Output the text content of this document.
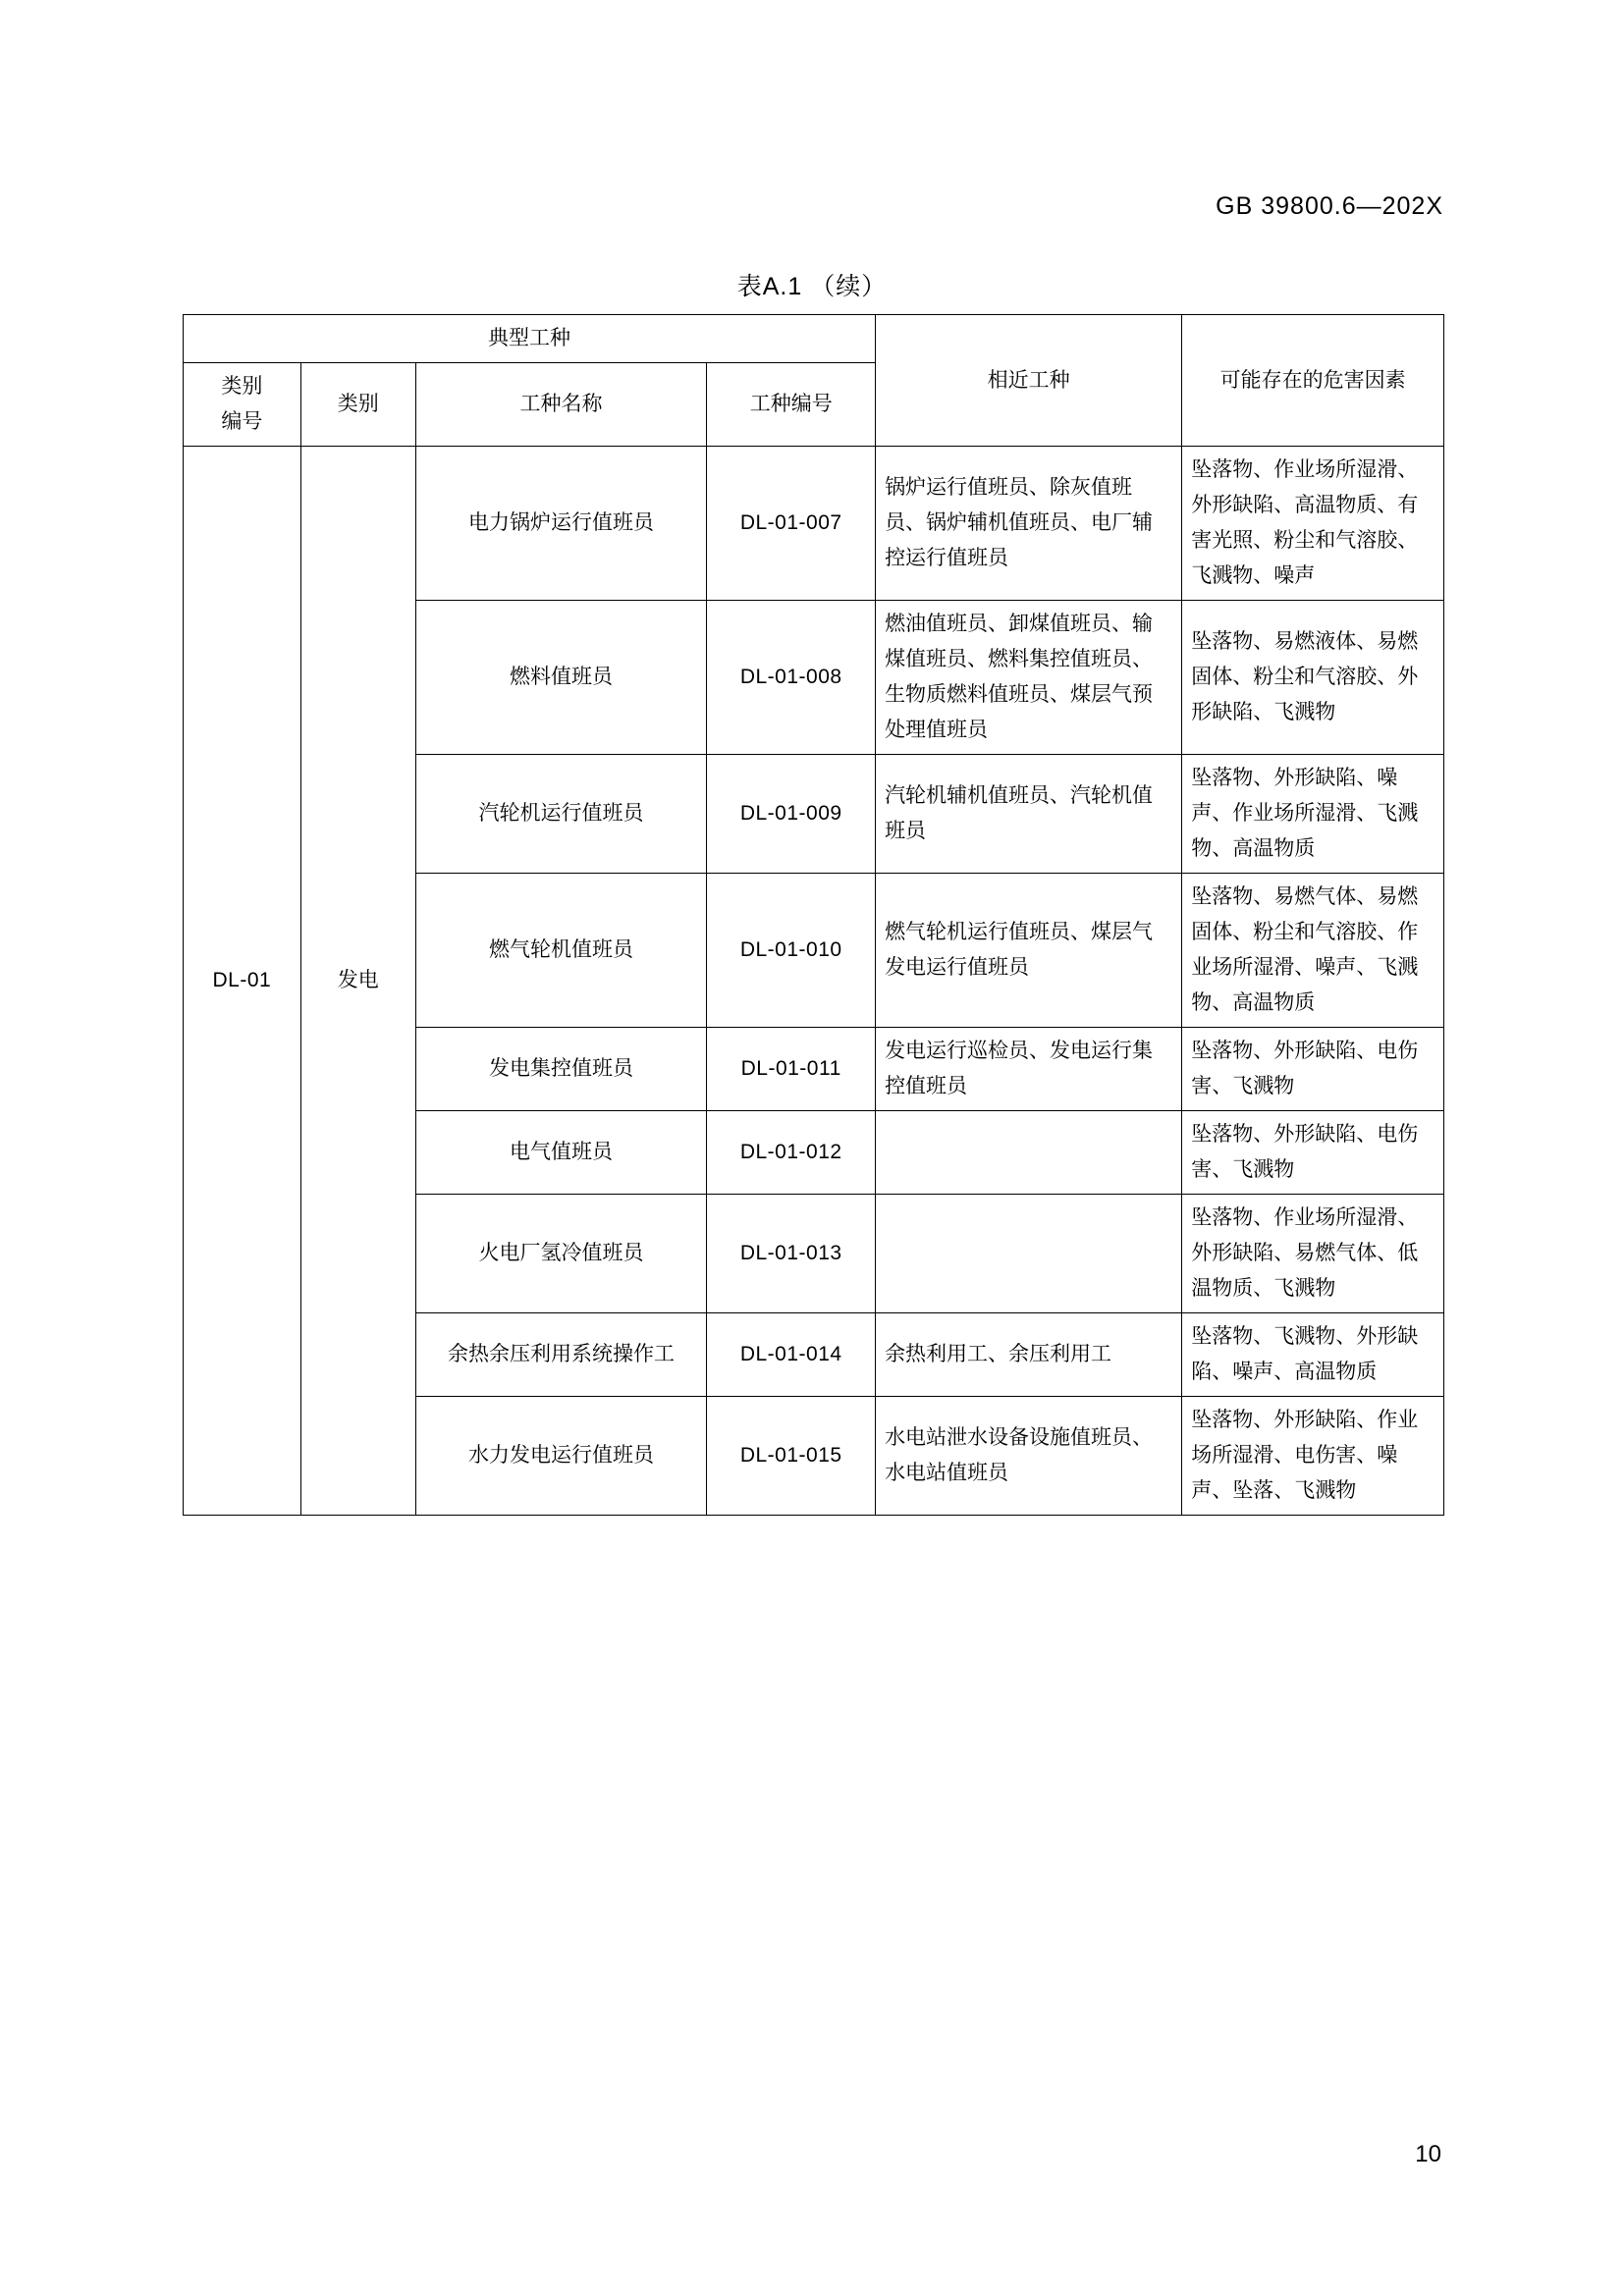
GB 39800.6—202X
表A.1 （续）
典型工种				相近工种	可能存在的危害因素
类别
编号	类别	工种名称	工种编号		
DL-01	发电	电力锅炉运行值班员	DL-01-007	锅炉运行值班员、除灰值班员、锅炉辅机值班员、电厂辅控运行值班员	坠落物、作业场所湿滑、外形缺陷、高温物质、有害光照、粉尘和气溶胶、飞溅物、噪声
		燃料值班员	DL-01-008	燃油值班员、卸煤值班员、输煤值班员、燃料集控值班员、生物质燃料值班员、煤层气预处理值班员	坠落物、易燃液体、易燃固体、粉尘和气溶胶、外形缺陷、飞溅物
		汽轮机运行值班员	DL-01-009	汽轮机辅机值班员、汽轮机值班员	坠落物、外形缺陷、噪声、作业场所湿滑、飞溅物、高温物质
		燃气轮机值班员	DL-01-010	燃气轮机运行值班员、煤层气发电运行值班员	坠落物、易燃气体、易燃固体、粉尘和气溶胶、作业场所湿滑、噪声、飞溅物、高温物质
		发电集控值班员	DL-01-011	发电运行巡检员、发电运行集控值班员	坠落物、外形缺陷、电伤害、飞溅物
		电气值班员	DL-01-012		坠落物、外形缺陷、电伤害、飞溅物
		火电厂氢冷值班员	DL-01-013		坠落物、作业场所湿滑、外形缺陷、易燃气体、低温物质、飞溅物
		余热余压利用系统操作工	DL-01-014	余热利用工、余压利用工	坠落物、飞溅物、外形缺陷、噪声、高温物质
		水力发电运行值班员	DL-01-015	水电站泄水设备设施值班员、水电站值班员	坠落物、外形缺陷、作业场所湿滑、电伤害、噪声、坠落、飞溅物
10
